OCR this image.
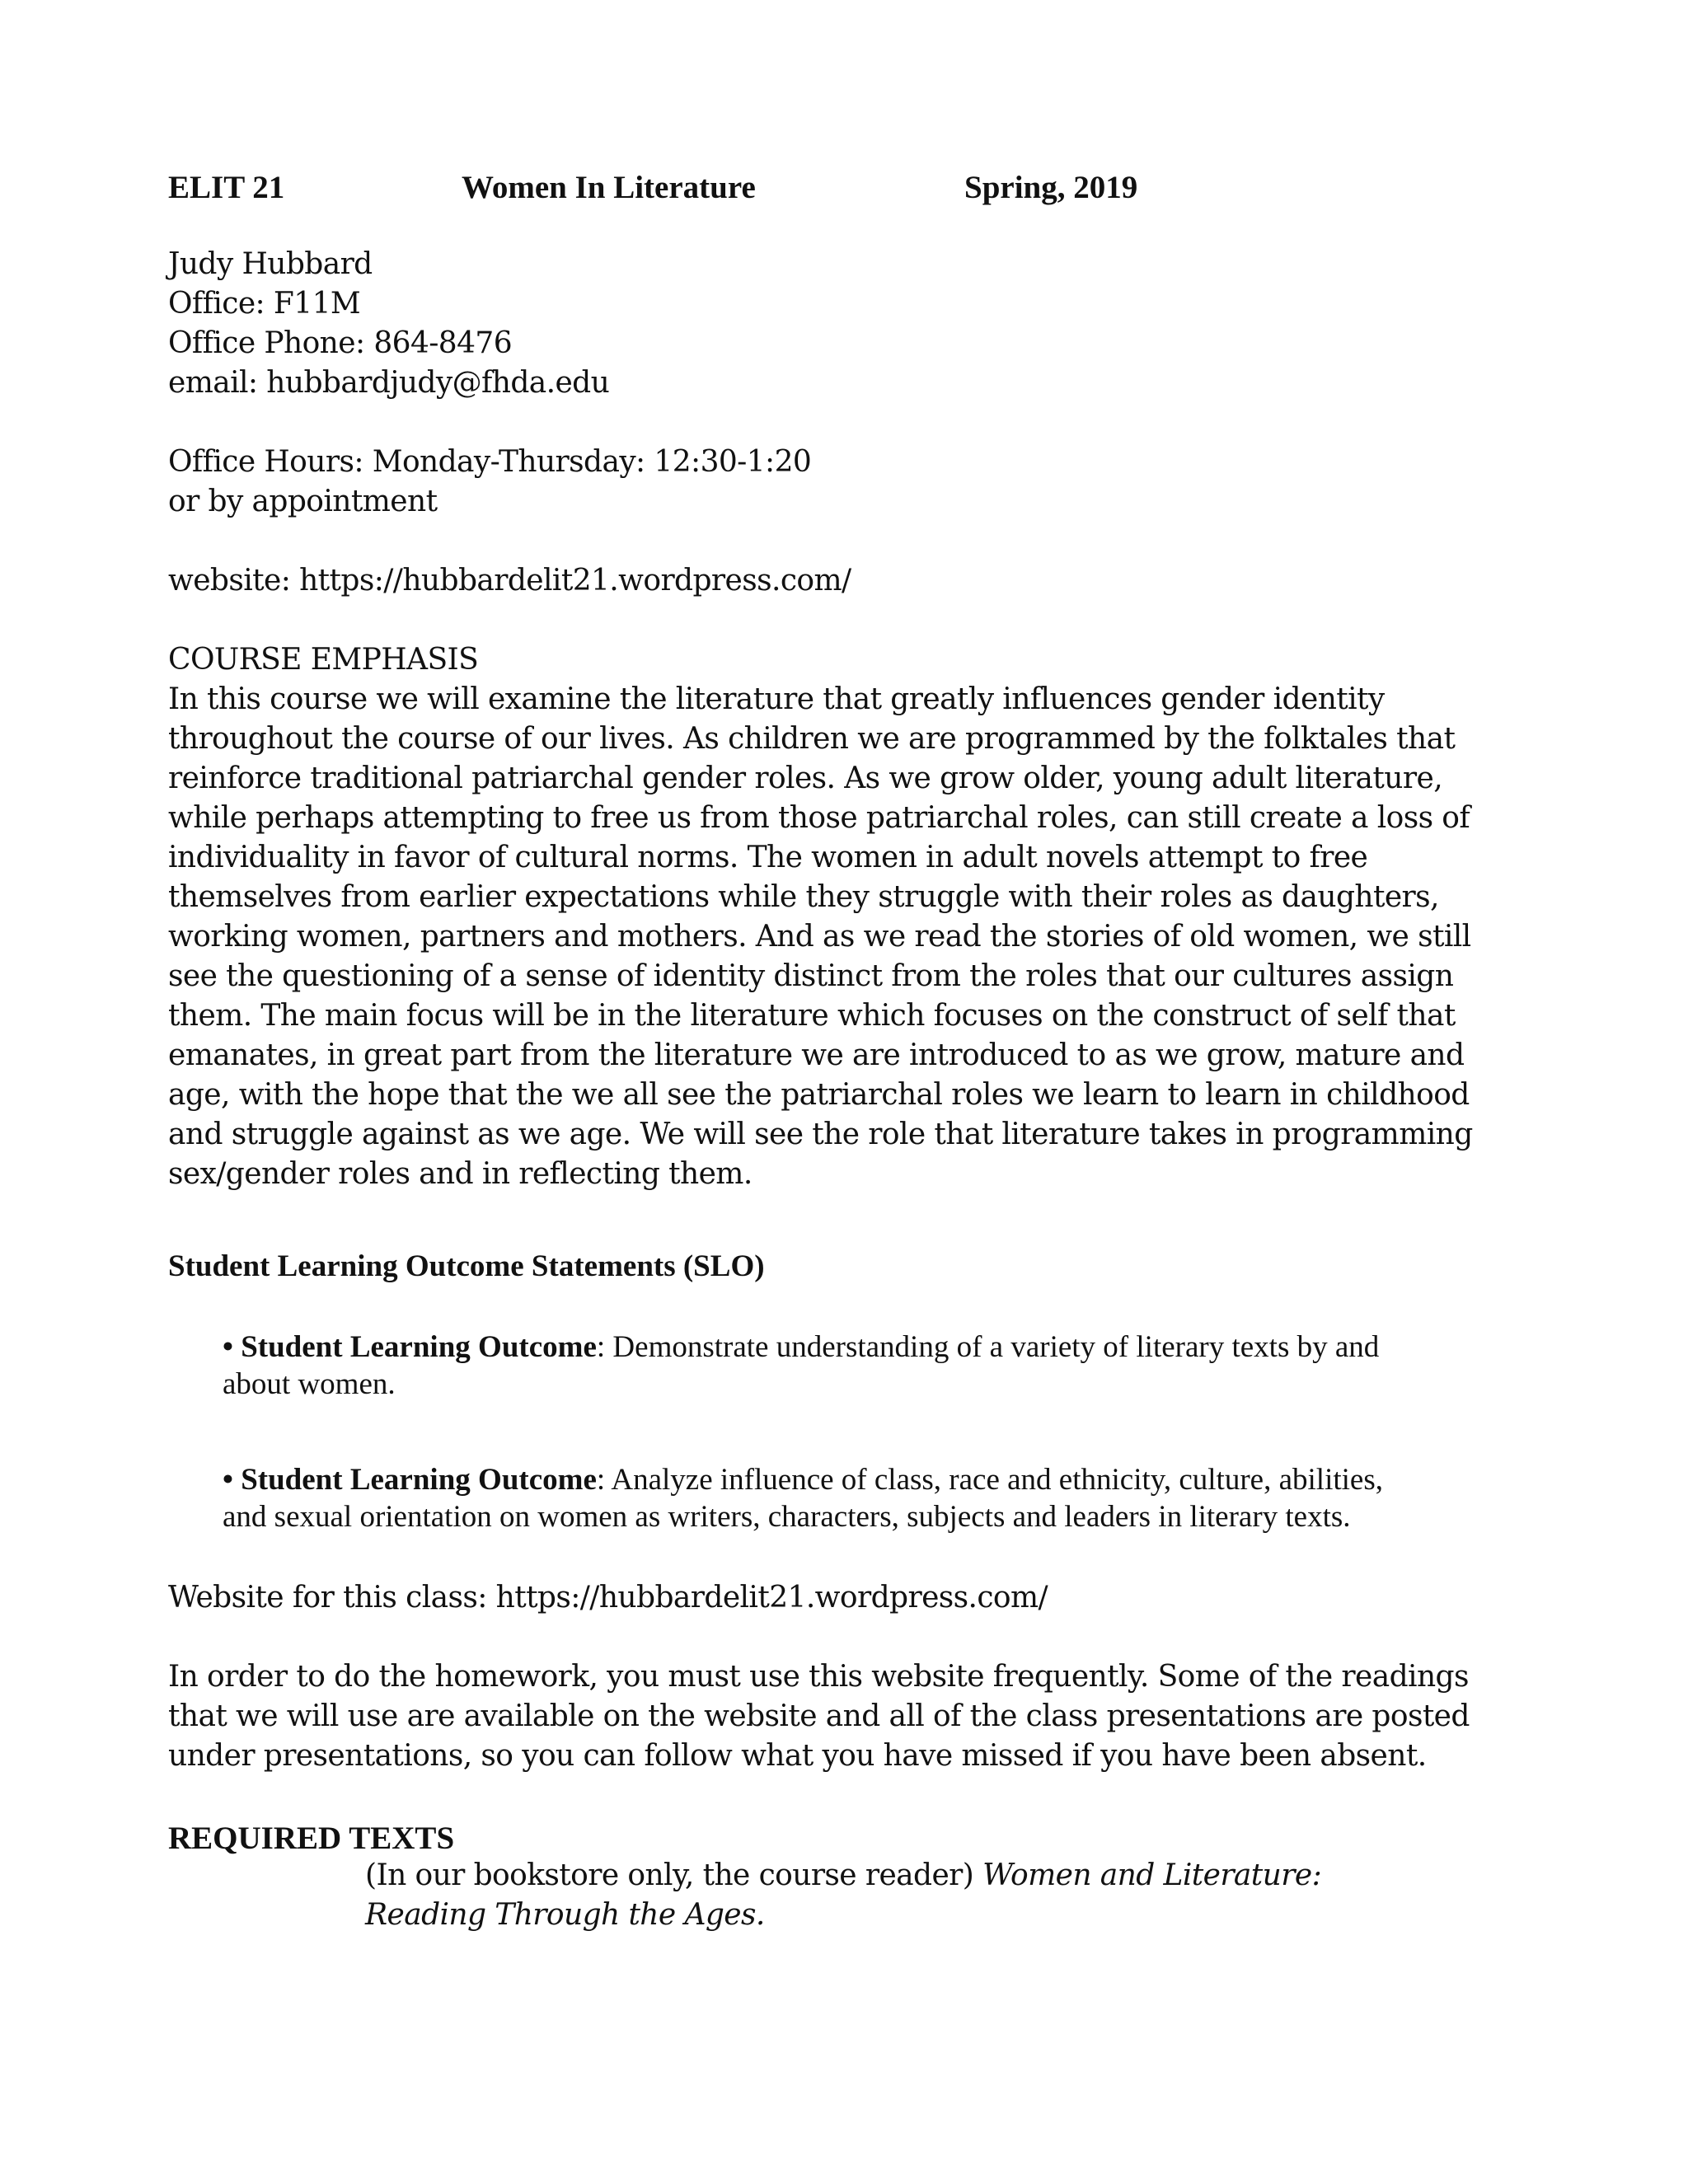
ELIT 21	Women In Literature	Spring, 2019
Judy Hubbard
Office: F11M
Office Phone: 864-8476
email: hubbardjudy@fhda.edu
Office Hours: Monday-Thursday: 12:30-1:20
or by appointment
website: https://hubbardelit21.wordpress.com/
COURSE EMPHASIS
In this course we will examine the literature that greatly influences gender identity
throughout the course of our lives. As children we are programmed by the folktales that
reinforce traditional patriarchal gender roles. As we grow older, young adult literature,
while perhaps attempting to free us from those patriarchal roles, can still create a loss of
individuality in favor of cultural norms. The women in adult novels attempt to free
themselves from earlier expectations while they struggle with their roles as daughters,
working women, partners and mothers. And as we read the stories of old women, we still
see the questioning of a sense of identity distinct from the roles that our cultures assign
them. The main focus will be in the literature which focuses on the construct of self that
emanates, in great part from the literature we are introduced to as we grow, mature and
age, with the hope that the we all see the patriarchal roles we learn to learn in childhood
and struggle against as we age. We will see the role that literature takes in programming
sex/gender roles and in reflecting them.
Student Learning Outcome Statements (SLO)
• Student Learning Outcome: Demonstrate understanding of a variety of literary texts by and
about women.
• Student Learning Outcome: Analyze influence of class, race and ethnicity, culture, abilities,
and sexual orientation on women as writers, characters, subjects and leaders in literary texts.
Website for this class: https://hubbardelit21.wordpress.com/
In order to do the homework, you must use this website frequently. Some of the readings
that we will use are available on the website and all of the class presentations are posted
under presentations, so you can follow what you have missed if you have been absent.
REQUIRED TEXTS
(In our bookstore only, the course reader) Women and Literature:
Reading Through the Ages.
